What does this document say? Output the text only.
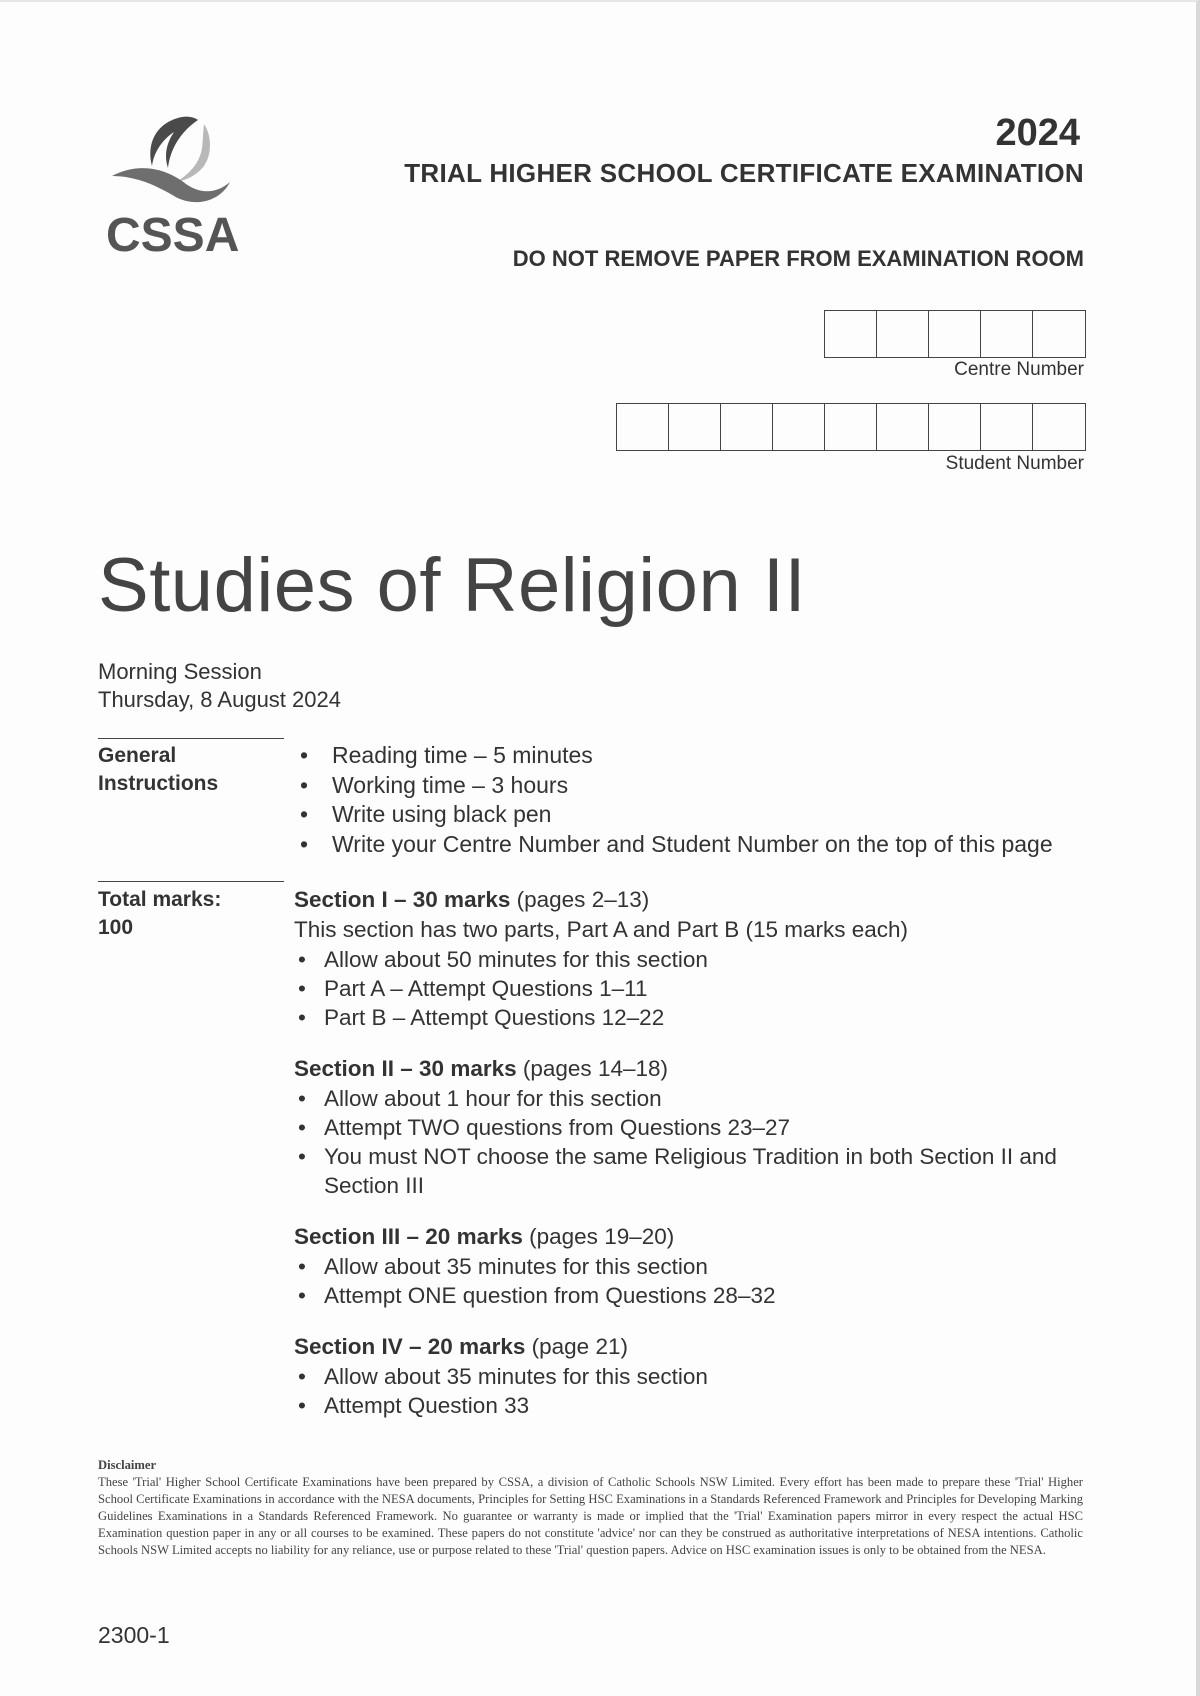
CSSA
2024
TRIAL HIGHER SCHOOL CERTIFICATE EXAMINATION
DO NOT REMOVE PAPER FROM EXAMINATION ROOM
Centre Number
Student Number
Studies of Religion II
Morning Session
Thursday, 8 August 2024
General
Instructions
•	Reading time – 5 minutes
•	Working time – 3 hours
•	Write using black pen
•	Write your Centre Number and Student Number on the top of this page
Total marks:
100
Section I – 30 marks (pages 2–13)
This section has two parts, Part A and Part B (15 marks each)
• Allow about 50 minutes for this section
• Part A – Attempt Questions 1–11
• Part B – Attempt Questions 12–22
Section II – 30 marks (pages 14–18)
• Allow about 1 hour for this section
• Attempt TWO questions from Questions 23–27
• You must NOT choose the same Religious Tradition in both Section II and Section III
Section III – 20 marks (pages 19–20)
• Allow about 35 minutes for this section
• Attempt ONE question from Questions 28–32
Section IV – 20 marks (page 21)
• Allow about 35 minutes for this section
• Attempt Question 33
Disclaimer
These 'Trial' Higher School Certificate Examinations have been prepared by CSSA, a division of Catholic Schools NSW Limited. Every effort has been made to prepare these 'Trial' Higher School Certificate Examinations in accordance with the NESA documents, Principles for Setting HSC Examinations in a Standards Referenced Framework and Principles for Developing Marking Guidelines Examinations in a Standards Referenced Framework. No guarantee or warranty is made or implied that the 'Trial' Examination papers mirror in every respect the actual HSC Examination question paper in any or all courses to be examined. These papers do not constitute 'advice' nor can they be construed as authoritative interpretations of NESA intentions. Catholic Schools NSW Limited accepts no liability for any reliance, use or purpose related to these 'Trial' question papers. Advice on HSC examination issues is only to be obtained from the NESA.
2300-1
